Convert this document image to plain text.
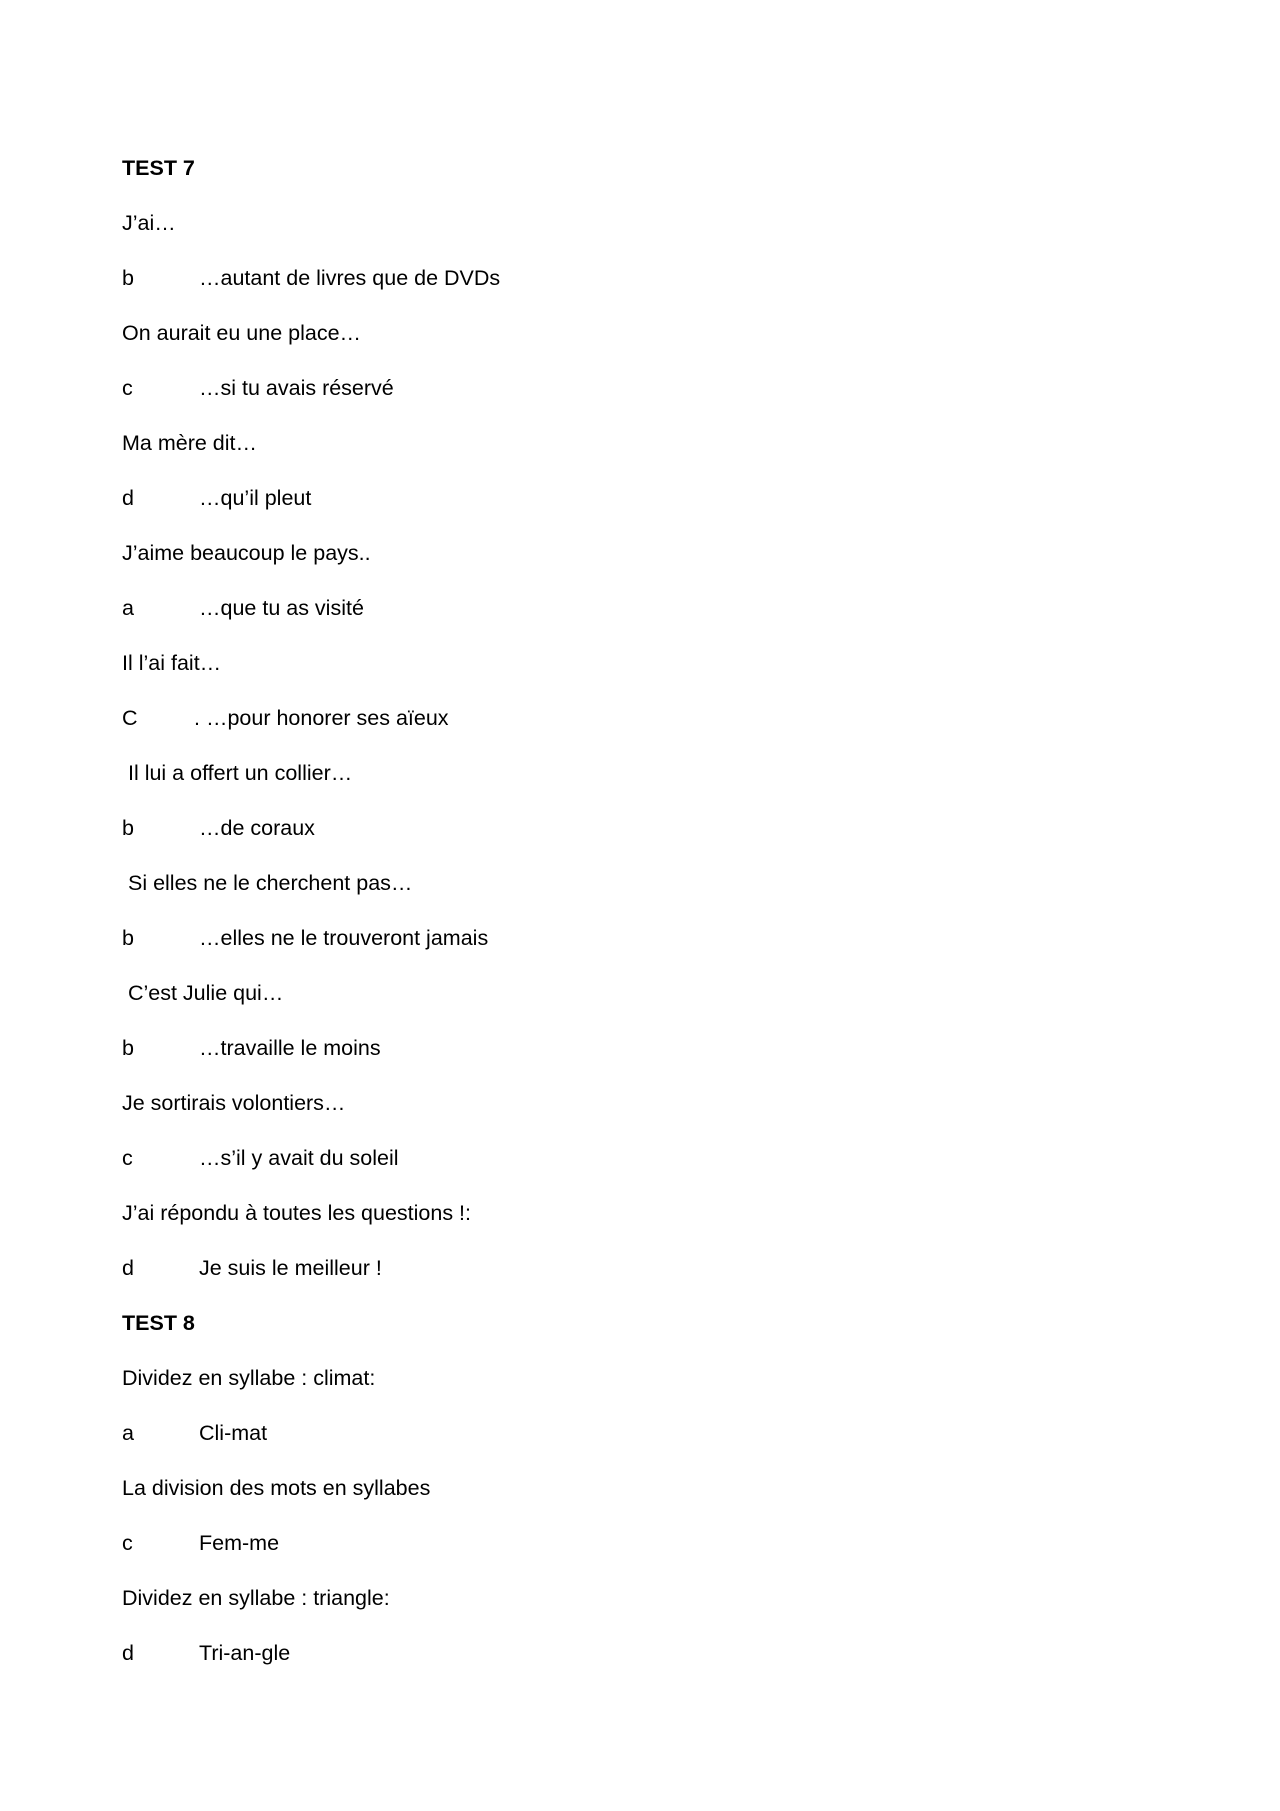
TEST 7
J’ai…
b	…autant de livres que de DVDs
On aurait eu une place…
c	…si tu avais réservé
Ma mère dit…
d	…qu’il pleut
J’aime beaucoup le pays..
a	…que tu as visité
Il l’ai fait…
C	. …pour honorer ses aïeux
Il lui a offert un collier…
b	…de coraux
Si elles ne le cherchent pas…
b	…elles ne le trouveront jamais
C’est Julie qui…
b	…travaille le moins
Je sortirais volontiers…
c	…s’il y avait du soleil
J’ai répondu à toutes les questions !:
d	Je suis le meilleur !
TEST 8
Dividez en syllabe : climat:
a	Cli-mat
La division des mots en syllabes
c	Fem-me
Dividez en syllabe : triangle:
d	Tri-an-gle
